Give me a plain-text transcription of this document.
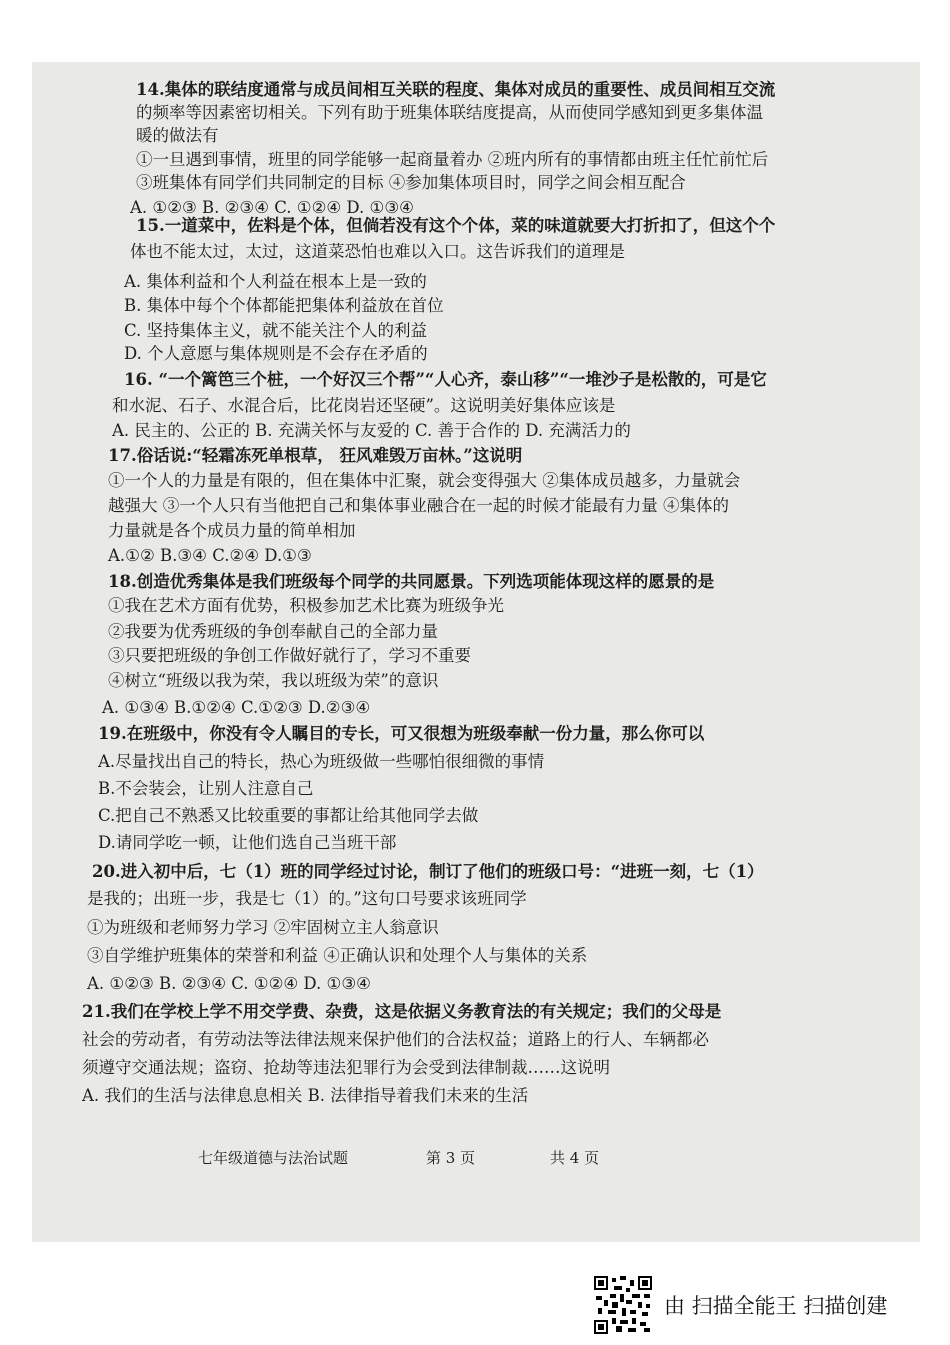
14.集体的联结度通常与成员间相互关联的程度、集体对成员的重要性、成员间相互交流
的频率等因素密切相关。下列有助于班集体联结度提高，从而使同学感知到更多集体温
暖的做法有
①一旦遇到事情，班里的同学能够一起商量着办 ②班内所有的事情都由班主任忙前忙后
③班集体有同学们共同制定的目标 ④参加集体项目时，同学之间会相互配合
A. ①②③ B. ②③④ C. ①②④ D. ①③④
15.一道菜中，佐料是个体，但倘若没有这个个体，菜的味道就要大打折扣了，但这个个
体也不能太过，太过，这道菜恐怕也难以入口。这告诉我们的道理是
A. 集体利益和个人利益在根本上是一致的
B. 集体中每个个体都能把集体利益放在首位
C. 坚持集体主义，就不能关注个人的利益
D. 个人意愿与集体规则是不会存在矛盾的
16. “一个篱笆三个桩，一个好汉三个帮”“人心齐，泰山移”“一堆沙子是松散的，可是它
和水泥、石子、水混合后，比花岗岩还坚硬”。这说明美好集体应该是
A. 民主的、公正的 B. 充满关怀与友爱的 C. 善于合作的 D. 充满活力的
17.俗话说:“轻霜冻死单根草， 狂风难毁万亩林。”这说明
①一个人的力量是有限的，但在集体中汇聚，就会变得强大 ②集体成员越多，力量就会
越强大 ③一个人只有当他把自己和集体事业融合在一起的时候才能最有力量 ④集体的
力量就是各个成员力量的简单相加
A.①② B.③④ C.②④ D.①③
18.创造优秀集体是我们班级每个同学的共同愿景。下列选项能体现这样的愿景的是
①我在艺术方面有优势，积极参加艺术比赛为班级争光
②我要为优秀班级的争创奉献自己的全部力量
③只要把班级的争创工作做好就行了，学习不重要
④树立“班级以我为荣，我以班级为荣”的意识
A. ①③④ B.①②④ C.①②③ D.②③④
19.在班级中，你没有令人瞩目的专长，可又很想为班级奉献一份力量，那么你可以
A.尽量找出自己的特长，热心为班级做一些哪怕很细微的事情
B.不会装会，让别人注意自己
C.把自己不熟悉又比较重要的事都让给其他同学去做
D.请同学吃一顿，让他们选自己当班干部
20.进入初中后，七（1）班的同学经过讨论，制订了他们的班级口号：“进班一刻，七（1）
是我的；出班一步，我是七（1）的。”这句口号要求该班同学
①为班级和老师努力学习 ②牢固树立主人翁意识
③自学维护班集体的荣誉和利益 ④正确认识和处理个人与集体的关系
A. ①②③ B. ②③④ C. ①②④ D. ①③④
21.我们在学校上学不用交学费、杂费，这是依据义务教育法的有关规定；我们的父母是
社会的劳动者，有劳动法等法律法规来保护他们的合法权益；道路上的行人、车辆都必
须遵守交通法规；盗窃、抢劫等违法犯罪行为会受到法律制裁……这说明
A. 我们的生活与法律息息相关 B. 法律指导着我们未来的生活
七年级道德与法治试题	第 3 页	共 4 页
由 扫描全能王 扫描创建
